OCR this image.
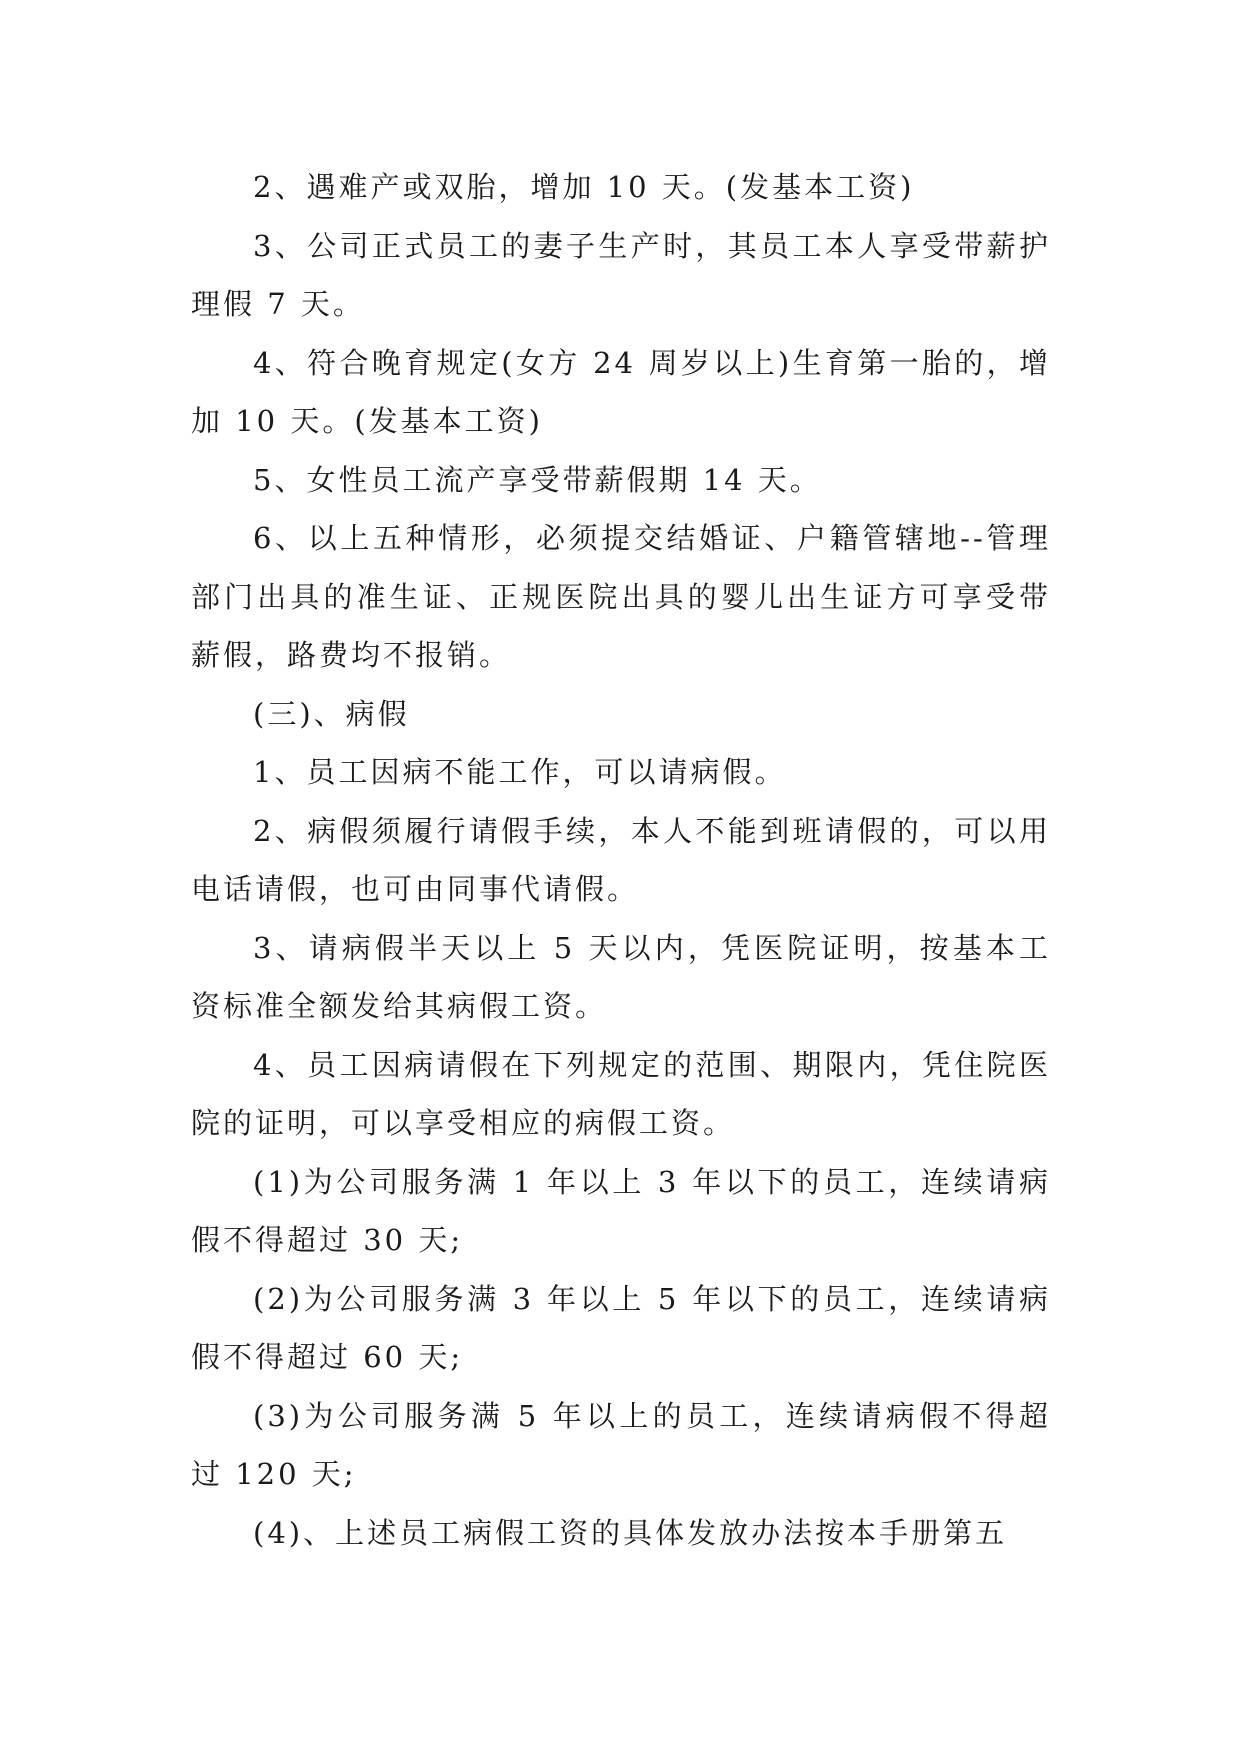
2、遇难产或双胎，增加 10 天。(发基本工资)

3、公司正式员工的妻子生产时，其员工本人享受带薪护理假 7 天。

4、符合晚育规定(女方 24 周岁以上)生育第一胎的，增加 10 天。(发基本工资)

5、女性员工流产享受带薪假期 14 天。

6、以上五种情形，必须提交结婚证、户籍管辖地--管理部门出具的准生证、正规医院出具的婴儿出生证方可享受带薪假，路费均不报销。

(三)、病假

1、员工因病不能工作，可以请病假。

2、病假须履行请假手续，本人不能到班请假的，可以用电话请假，也可由同事代请假。

3、请病假半天以上 5 天以内，凭医院证明，按基本工资标准全额发给其病假工资。

4、员工因病请假在下列规定的范围、期限内，凭住院医院的证明，可以享受相应的病假工资。

(1)为公司服务满 1 年以上 3 年以下的员工，连续请病假不得超过 30 天;

(2)为公司服务满 3 年以上 5 年以下的员工，连续请病假不得超过 60 天;

(3)为公司服务满 5 年以上的员工，连续请病假不得超过 120 天;

(4)、上述员工病假工资的具体发放办法按本手册第五
